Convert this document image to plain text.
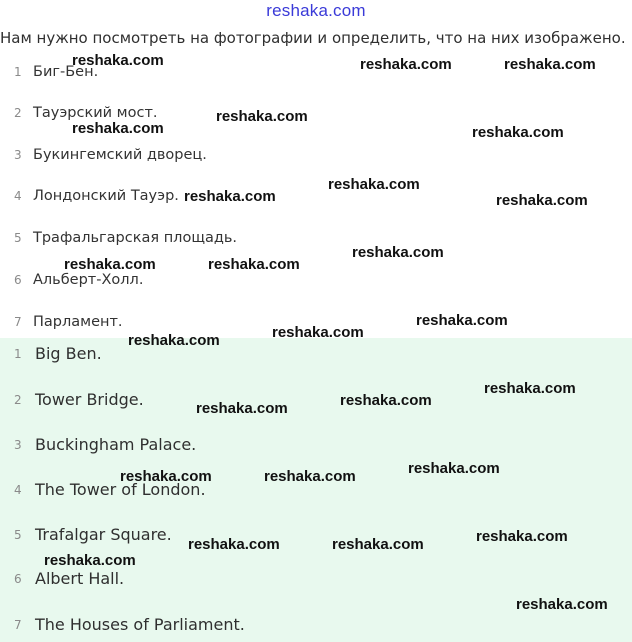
reshaka.com
Нам нужно посмотреть на фотографии и определить, что на них изображено.
1 Биг-Бен.
2 Тауэрский мост.
3 Букингемский дворец.
4 Лондонский Тауэр.
5 Трафальгарская площадь.
6 Альберт-Холл.
7 Парламент.
1 Big Ben.
2 Tower Bridge.
3 Buckingham Palace.
4 The Tower of London.
5 Trafalgar Square.
6 Albert Hall.
7 The Houses of Parliament.
reshaka.com	reshaka.com	reshaka.com
reshaka.com
reshaka.com	reshaka.com
reshaka.com
reshaka.com	reshaka.com
reshaka.com
reshaka.com	reshaka.com
reshaka.com
reshaka.com
reshaka.com
reshaka.com
reshaka.com
reshaka.com
reshaka.com
reshaka.com	reshaka.com
reshaka.com
reshaka.com	reshaka.com
reshaka.com
reshaka.com
